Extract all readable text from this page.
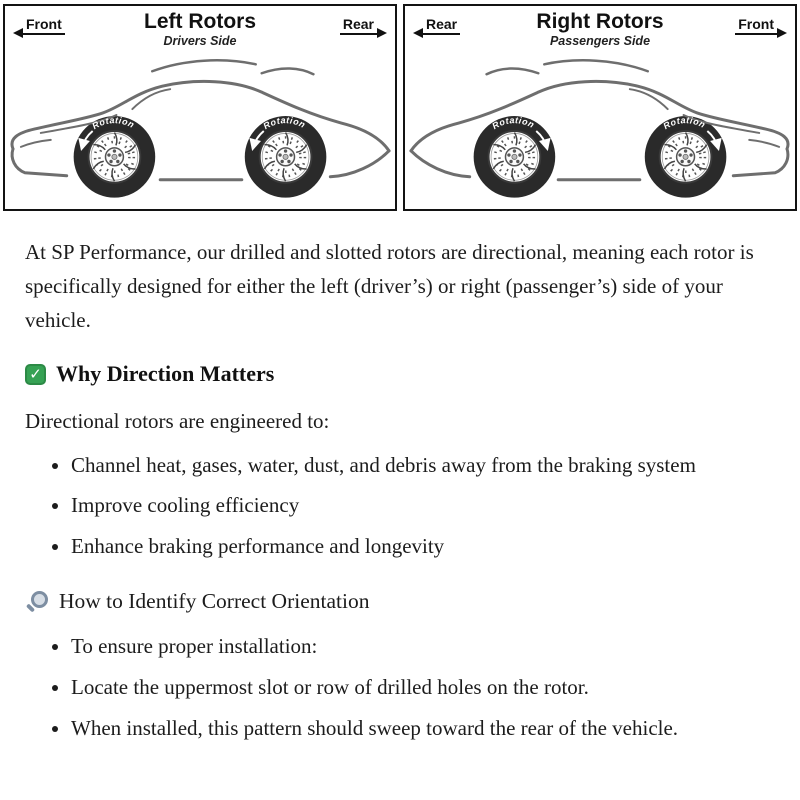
Front	Left Rotors
Drivers Side
Rear
Rotation	Rotation
Rear	Right Rotors
Passengers Side
Front
Rotation	Rotation

At SP Performance, our drilled and slotted rotors are directional, meaning each rotor is specifically designed for either the left (driver’s) or right (passenger’s) side of your vehicle.

✓ Why Direction Matters

Directional rotors are engineered to:

• Channel heat, gases, water, dust, and debris away from the braking system
• Improve cooling efficiency
• Enhance braking performance and longevity
How to Identify Correct Orientation
• To ensure proper installation:
• Locate the uppermost slot or row of drilled holes on the rotor.
• When installed, this pattern should sweep toward the rear of the vehicle.
